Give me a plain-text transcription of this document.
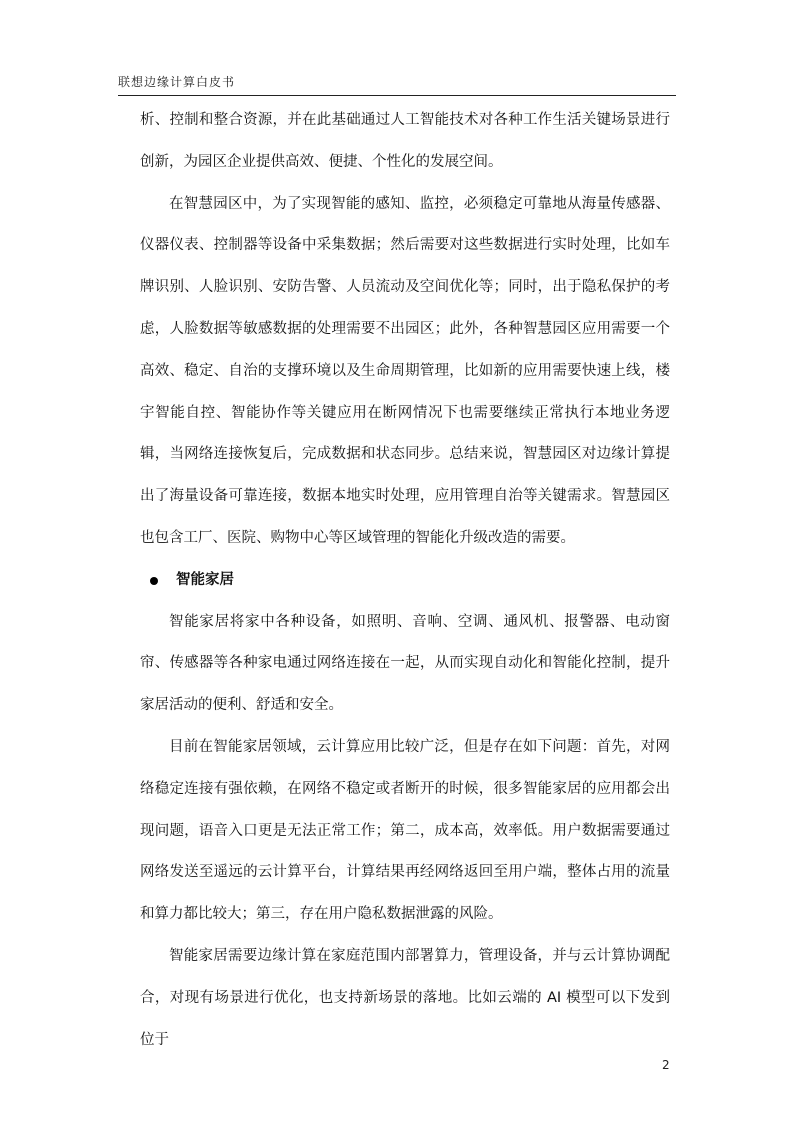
联想边缘计算白皮书

析、控制和整合资源，并在此基础通过人工智能技术对各种工作生活关键场景进行创新，为园区企业提供高效、便捷、个性化的发展空间。

在智慧园区中，为了实现智能的感知、监控，必须稳定可靠地从海量传感器、仪器仪表、控制器等设备中采集数据；然后需要对这些数据进行实时处理，比如车牌识别、人脸识别、安防告警、人员流动及空间优化等；同时，出于隐私保护的考虑，人脸数据等敏感数据的处理需要不出园区；此外，各种智慧园区应用需要一个高效、稳定、自治的支撑环境以及生命周期管理，比如新的应用需要快速上线，楼宇智能自控、智能协作等关键应用在断网情况下也需要继续正常执行本地业务逻辑，当网络连接恢复后，完成数据和状态同步。总结来说，智慧园区对边缘计算提出了海量设备可靠连接，数据本地实时处理，应用管理自治等关键需求。智慧园区也包含工厂、医院、购物中心等区域管理的智能化升级改造的需要。

智能家居

智能家居将家中各种设备，如照明、音响、空调、通风机、报警器、电动窗帘、传感器等各种家电通过网络连接在一起，从而实现自动化和智能化控制，提升家居活动的便利、舒适和安全。

目前在智能家居领域，云计算应用比较广泛，但是存在如下问题：首先，对网络稳定连接有强依赖，在网络不稳定或者断开的时候，很多智能家居的应用都会出现问题，语音入口更是无法正常工作；第二，成本高，效率低。用户数据需要通过网络发送至遥远的云计算平台，计算结果再经网络返回至用户端，整体占用的流量和算力都比较大；第三，存在用户隐私数据泄露的风险。

智能家居需要边缘计算在家庭范围内部署算力，管理设备，并与云计算协调配合，对现有场景进行优化，也支持新场景的落地。比如云端的 AI 模型可以下发到位于

2
